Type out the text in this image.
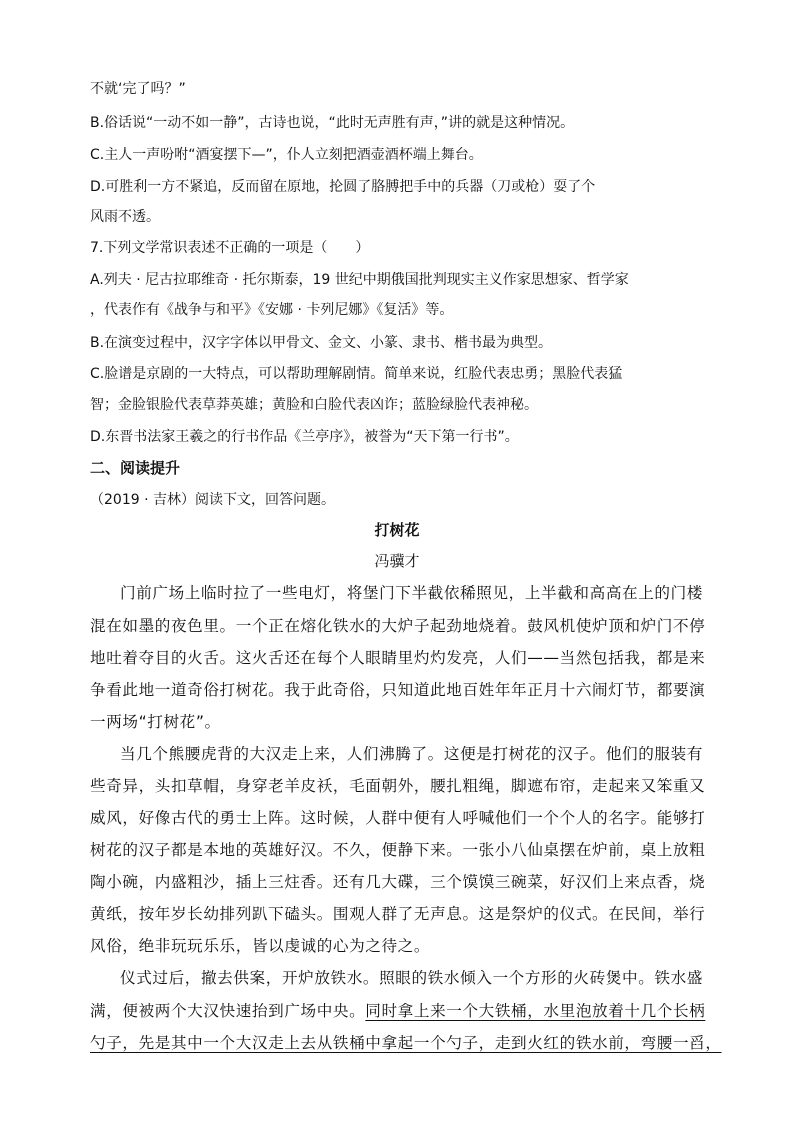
不就‘完了吗？”
B.俗话说“一动不如一静”，古诗也说，“此时无声胜有声，”讲的就是这种情况。
C.主人一声吩咐“酒宴摆下—”，仆人立刻把酒壶酒杯端上舞台。
D.可胜利一方不紧追，反而留在原地，抡圆了胳膊把手中的兵器（刀或枪）耍了个
风雨不透。
7.下列文学常识表述不正确的一项是（　　）
A.列夫 · 尼古拉耶维奇 · 托尔斯泰，19 世纪中期俄国批判现实主义作家思想家、哲学家
，代表作有《战争与和平》《安娜 · 卡列尼娜》《复活》等。
B.在演变过程中，汉字字体以甲骨文、金文、小篆、隶书、楷书最为典型。
C.脸谱是京剧的一大特点，可以帮助理解剧情。简单来说，红脸代表忠勇；黑脸代表猛
智；金脸银脸代表草莽英雄；黄脸和白脸代表凶诈；蓝脸绿脸代表神秘。
D.东晋书法家王羲之的行书作品《兰亭序》，被誉为“天下第一行书”。
二、阅读提升
（2019 · 吉林）阅读下文，回答问题。
打树花
冯骥才
门前广场上临时拉了一些电灯，将堡门下半截依稀照见，上半截和高高在上的门楼
混在如墨的夜色里。一个正在熔化铁水的大炉子起劲地烧着。鼓风机使炉顶和炉门不停
地吐着夺目的火舌。这火舌还在每个人眼睛里灼灼发亮，人们——当然包括我，都是来
争看此地一道奇俗打树花。我于此奇俗，只知道此地百姓年年正月十六闹灯节，都要演
一两场“打树花”。
当几个熊腰虎背的大汉走上来，人们沸腾了。这便是打树花的汉子。他们的服装有
些奇异，头扣草帽，身穿老羊皮袄，毛面朝外，腰扎粗绳，脚遮布帘，走起来又笨重又
威风，好像古代的勇士上阵。这时候，人群中便有人呼喊他们一个个人的名字。能够打
树花的汉子都是本地的英雄好汉。不久，便静下来。一张小八仙桌摆在炉前，桌上放粗
陶小碗，内盛粗沙，插上三炷香。还有几大碟，三个馍馍三碗菜，好汉们上来点香，烧
黄纸，按年岁长幼排列趴下磕头。围观人群了无声息。这是祭炉的仪式。在民间，举行
风俗，绝非玩玩乐乐，皆以虔诚的心为之待之。
仪式过后，撤去供案，开炉放铁水。照眼的铁水倾入一个方形的火砖煲中。铁水盛
满，便被两个大汉快速抬到广场中央。同时拿上来一个大铁桶，水里泡放着十几个长柄
勺子，先是其中一个大汉走上去从铁桶中拿起一个勺子，走到火红的铁水前，弯腰一舀，
